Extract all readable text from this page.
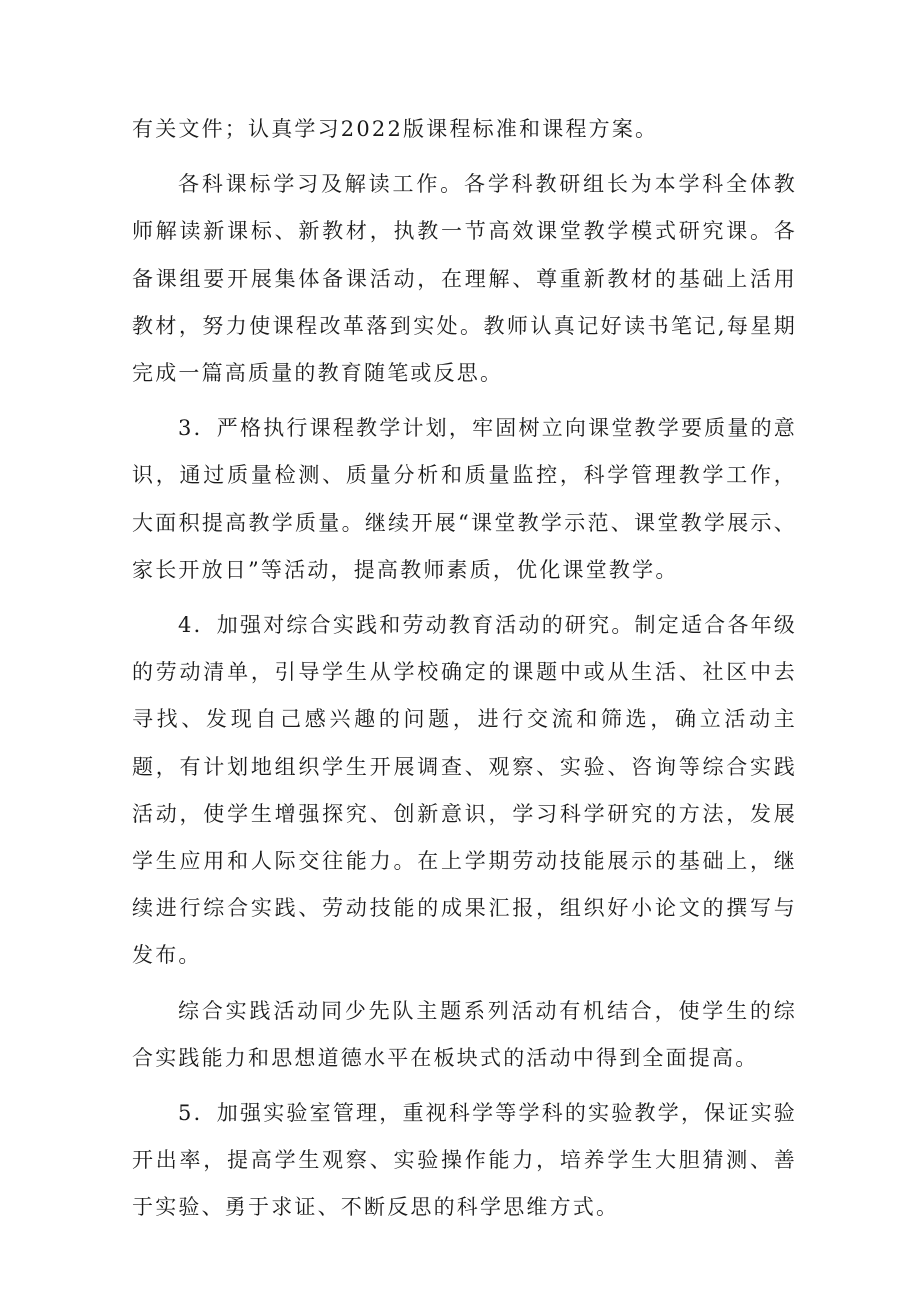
有关文件；认真学习2022版课程标准和课程方案。

各科课标学习及解读工作。各学科教研组长为本学科全体教师解读新课标、新教材，执教一节高效课堂教学模式研究课。各备课组要开展集体备课活动，在理解、尊重新教材的基础上活用教材，努力使课程改革落到实处。教师认真记好读书笔记,每星期完成一篇高质量的教育随笔或反思。

3．严格执行课程教学计划，牢固树立向课堂教学要质量的意识，通过质量检测、质量分析和质量监控，科学管理教学工作，大面积提高教学质量。继续开展“课堂教学示范、课堂教学展示、家长开放日”等活动，提高教师素质，优化课堂教学。

4．加强对综合实践和劳动教育活动的研究。制定适合各年级的劳动清单，引导学生从学校确定的课题中或从生活、社区中去寻找、发现自己感兴趣的问题，进行交流和筛选，确立活动主题，有计划地组织学生开展调查、观察、实验、咨询等综合实践活动，使学生增强探究、创新意识，学习科学研究的方法，发展学生应用和人际交往能力。在上学期劳动技能展示的基础上，继续进行综合实践、劳动技能的成果汇报，组织好小论文的撰写与发布。

综合实践活动同少先队主题系列活动有机结合，使学生的综合实践能力和思想道德水平在板块式的活动中得到全面提高。

5．加强实验室管理，重视科学等学科的实验教学，保证实验开出率，提高学生观察、实验操作能力，培养学生大胆猜测、善于实验、勇于求证、不断反思的科学思维方式。
